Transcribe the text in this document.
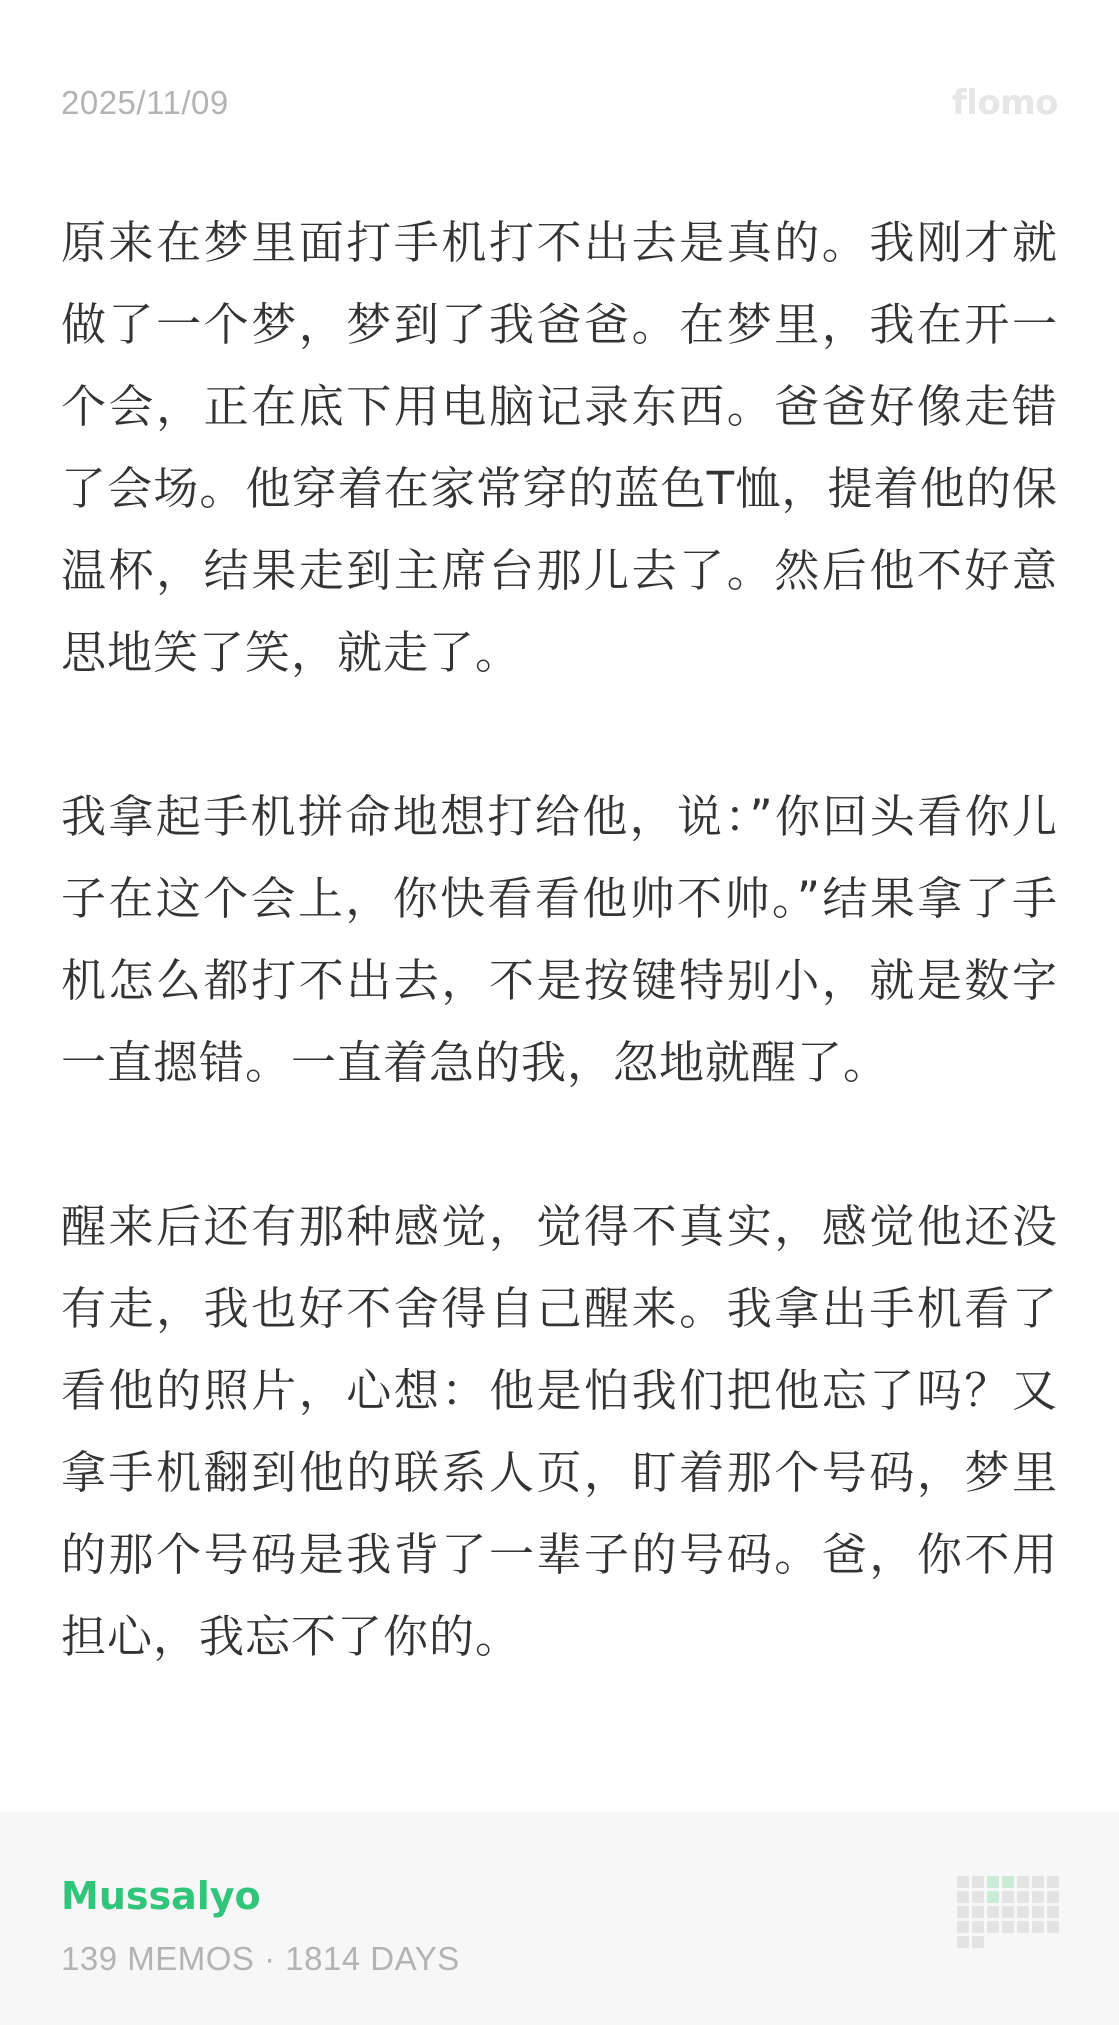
2025/11/09	flomo

原来在梦里面打手机打不出去是真的。我刚才就做了一个梦，梦到了我爸爸。在梦里，我在开一个会，正在底下用电脑记录东西。爸爸好像走错了会场。他穿着在家常穿的蓝色T恤，提着他的保温杯，结果走到主席台那儿去了。然后他不好意思地笑了笑，就走了。

我拿起手机拼命地想打给他，说：”你回头看你儿子在这个会上，你快看看他帅不帅。”结果拿了手机怎么都打不出去，不是按键特别小，就是数字一直摁错。一直着急的我，忽地就醒了。

醒来后还有那种感觉，觉得不真实，感觉他还没有走，我也好不舍得自己醒来。我拿出手机看了看他的照片，心想：他是怕我们把他忘了吗？又拿手机翻到他的联系人页，盯着那个号码，梦里的那个号码是我背了一辈子的号码。爸，你不用担心，我忘不了你的。

Mussalyo
139 MEMOS · 1814 DAYS
